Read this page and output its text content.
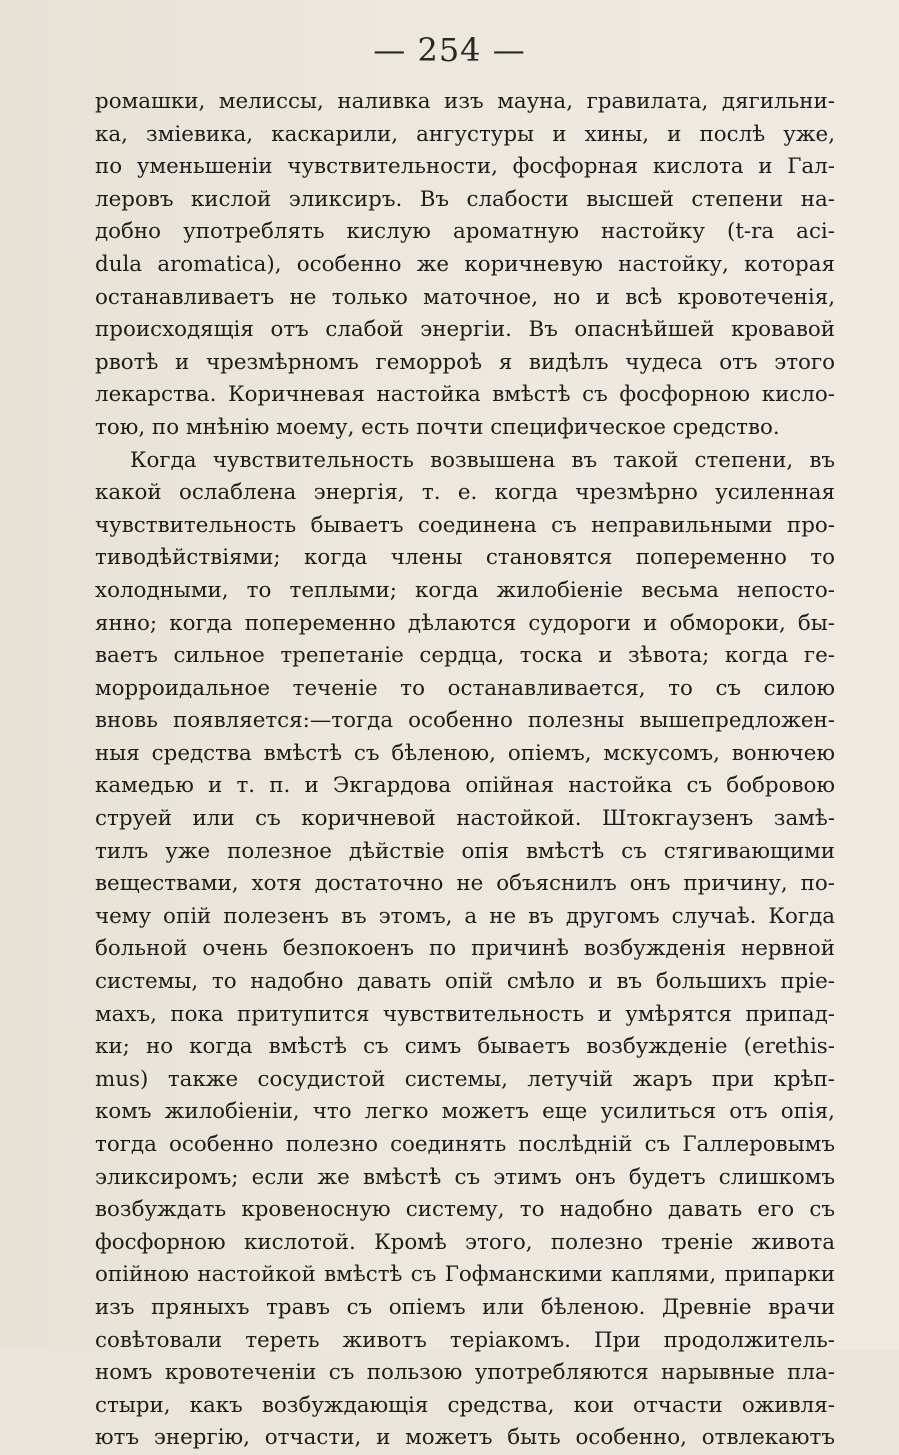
— 254 —
ромашки, мелиссы, наливка изъ мауна, гравилата, дягильни-
ка, зміевика, каскарили, ангустуры и хины, и послѣ уже,
по уменьшеніи чувствительности, фосфорная кислота и Гал-
леровъ кислой эликсиръ. Въ слабости высшей степени на-
добно употреблять кислую ароматную настойку (t-ra aci-
dula aromatica), особенно же коричневую настойку, которая
останавливаетъ не только маточное, но и всѣ кровотеченія,
происходящія отъ слабой энергіи. Въ опаснѣйшей кровавой
рвотѣ и чрезмѣрномъ геморроѣ я видѣлъ чудеса отъ этого
лекарства. Коричневая настойка вмѣстѣ съ фосфорною кисло-
тою, по мнѣнію моему, есть почти специфическое средство.
Когда чувствительность возвышена въ такой степени, въ
какой ослаблена энергія, т. е. когда чрезмѣрно усиленная
чувствительность бываетъ соединена съ неправильными про-
тиводѣйствіями; когда члены становятся попеременно то
холодными, то теплыми; когда жилобіеніе весьма непосто-
янно; когда попеременно дѣлаются судороги и обмороки, бы-
ваетъ сильное трепетаніе сердца, тоска и зѣвота; когда ге-
морроидальное теченіе то останавливается, то съ силою
вновь появляется:—тогда особенно полезны вышепредложен-
ныя средства вмѣстѣ съ бѣленою, опіемъ, мскусомъ, вонючею
камедью и т. п. и Экгардова опійная настойка съ бобровою
струей или съ коричневой настойкой. Штокгаузенъ замѣ-
тилъ уже полезное дѣйствіе опія вмѣстѣ съ стягивающими
веществами, хотя достаточно не объяснилъ онъ причину, по-
чему опій полезенъ въ этомъ, а не въ другомъ случаѣ. Когда
больной очень безпокоенъ по причинѣ возбужденія нервной
системы, то надобно давать опій смѣло и въ большихъ пріе-
махъ, пока притупится чувствительность и умѣрятся припад-
ки; но когда вмѣстѣ съ симъ бываетъ возбужденіе (erethis-
mus) также сосудистой системы, летучій жаръ при крѣп-
комъ жилобіеніи, что легко можетъ еще усилиться отъ опія,
тогда особенно полезно соединять послѣдній съ Галлеровымъ
эликсиромъ; если же вмѣстѣ съ этимъ онъ будетъ слишкомъ
возбуждать кровеносную систему, то надобно давать его съ
фосфорною кислотой. Кромѣ этого, полезно треніе живота
опійною настойкой вмѣстѣ съ Гофманскими каплями, припарки
изъ пряныхъ травъ съ опіемъ или бѣленою. Древніе врачи
совѣтовали тереть животъ теріакомъ. При продолжитель-
номъ кровотеченіи съ пользою употребляются нарывные пла-
стыри, какъ возбуждающія средства, кои отчасти оживля-
ютъ энергію, отчасти, и можетъ быть особенно, отвлекаютъ
